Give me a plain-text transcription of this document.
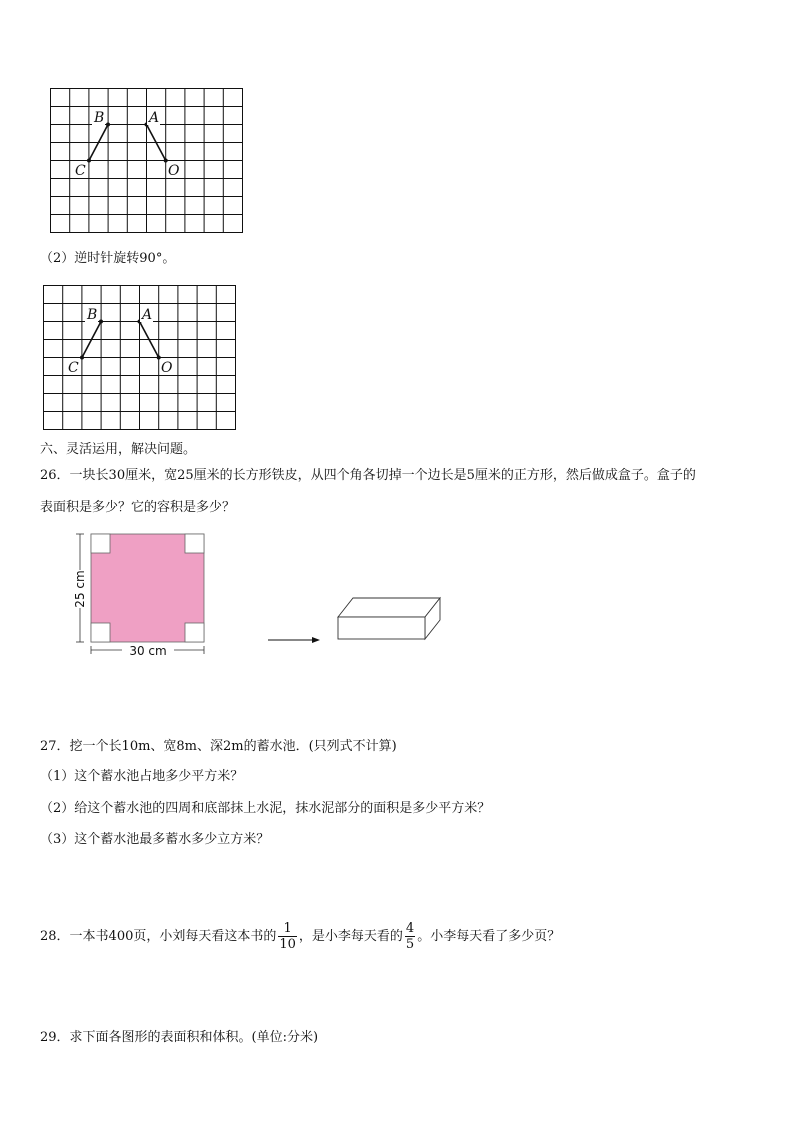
B	A
C	O
（2）逆时针旋转90°。
B	A
C	O
六、灵活运用，解决问题。
26．一块长30厘米，宽25厘米的长方形铁皮，从四个角各切掉一个边长是5厘米的正方形，然后做成盒子。盒子的
表面积是多少？它的容积是多少？
25 cm
30 cm
27．挖一个长10m、宽8m、深2m的蓄水池．(只列式不计算)
（1）这个蓄水池占地多少平方米？
（2）给这个蓄水池的四周和底部抹上水泥，抹水泥部分的面积是多少平方米？
（3）这个蓄水池最多蓄水多少立方米？
28．一本书400页，小刘每天看这本书的 $\frac{1}{10}$ ，是小李每天看的 $\frac{4}{5}$ 。小李每天看了多少页？
29．求下面各图形的表面积和体积。(单位:分米)
